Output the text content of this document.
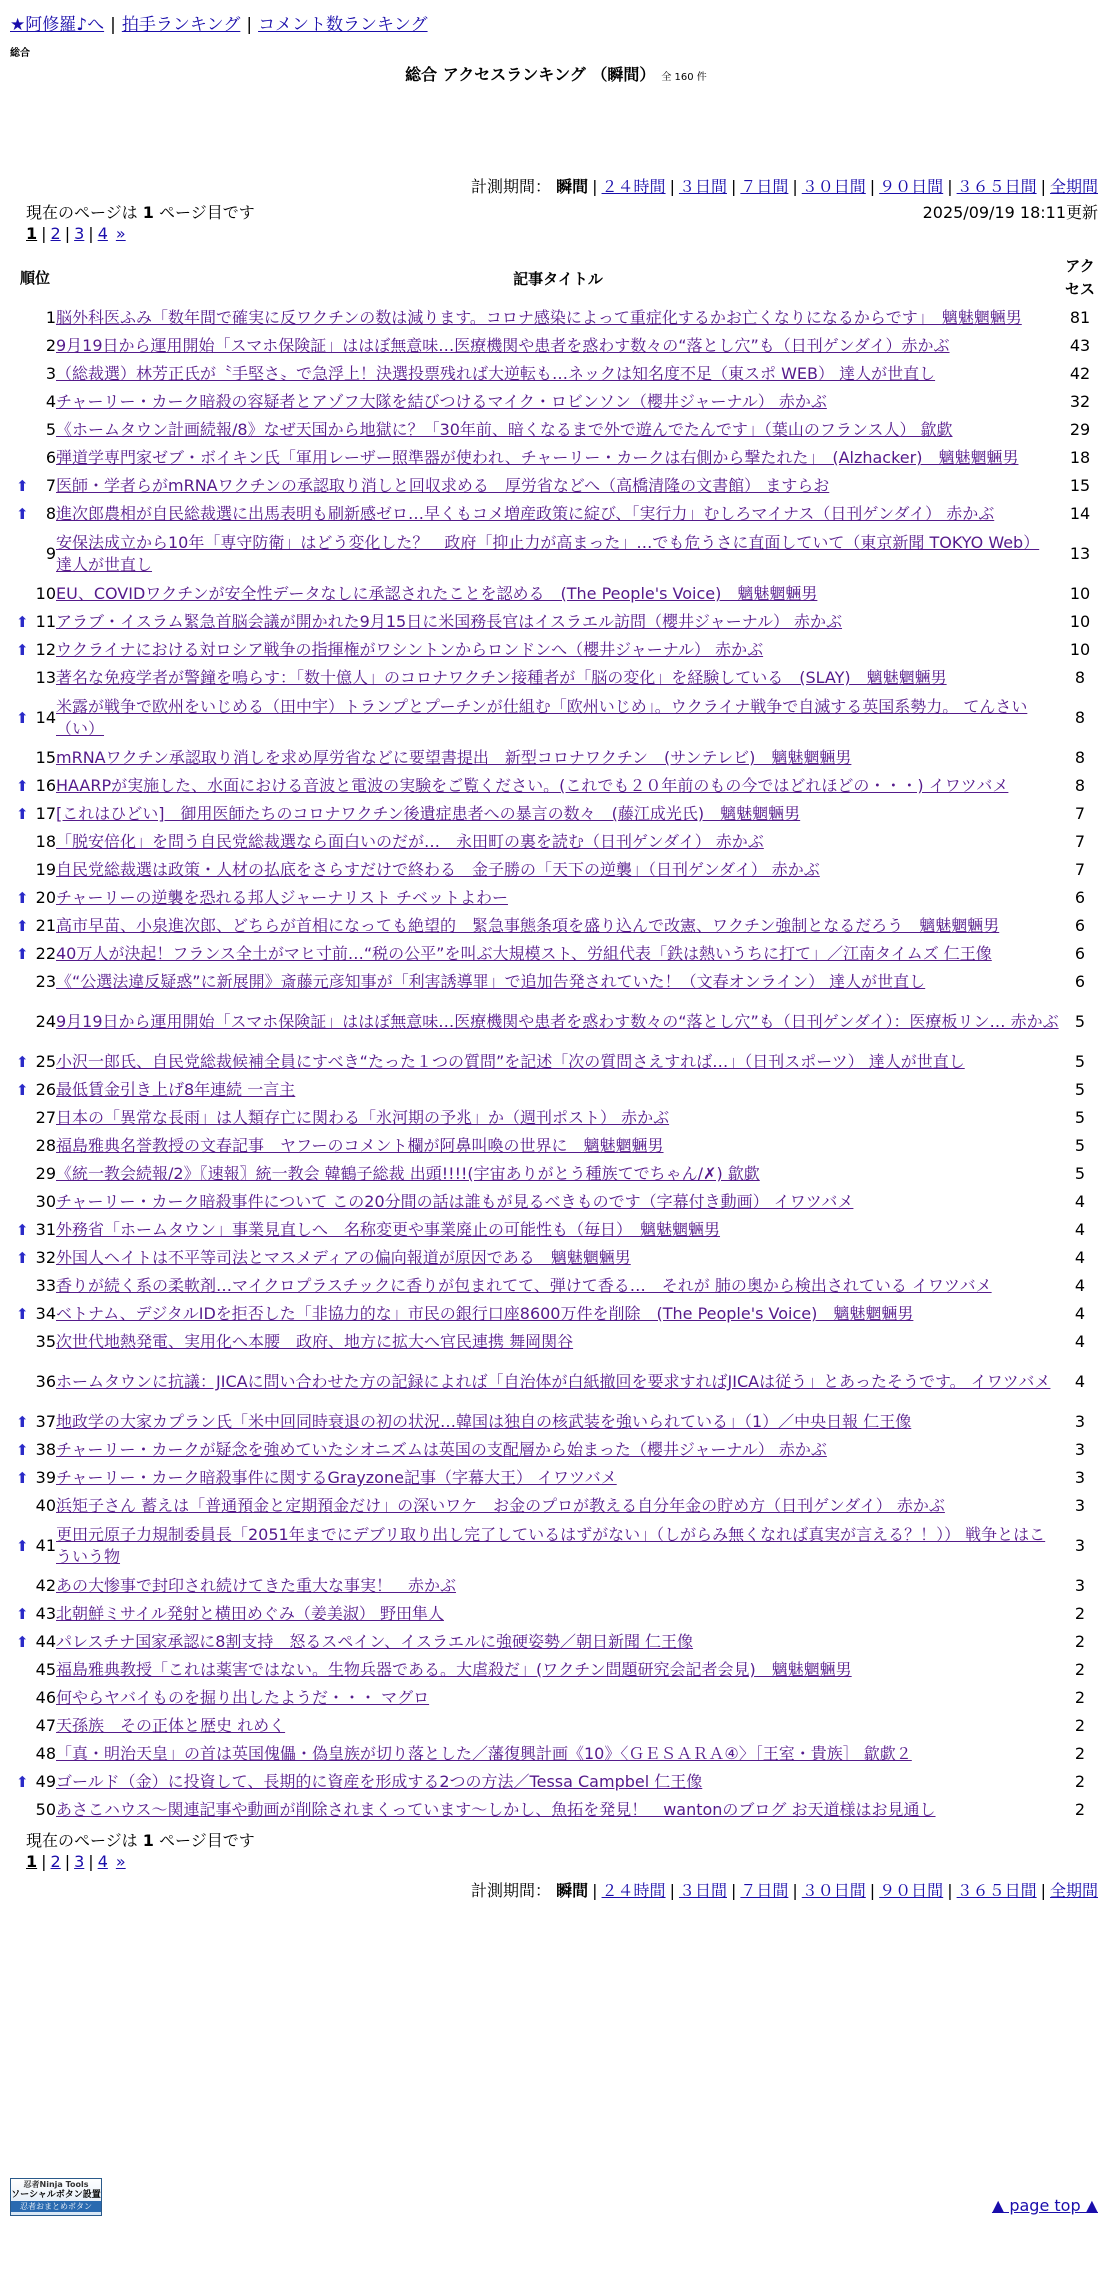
★阿修羅♪へ | 拍手ランキング | コメント数ランキング
総合
総合 アクセスランキング （瞬間） 全 160 件
計測期間： 瞬間 | ２４時間 | ３日間 | ７日間 | ３０日間 | ９０日間 | ３６５日間 | 全期間
現在のページは 1 ページ目です	2025/09/19 18:11更新
1 | 2 | 3 | 4 »
順位	記事タイトル	アクセス
1	脳外科医ふみ「数年間で確実に反ワクチンの数は減ります。コロナ感染によって重症化するかお亡くなりになるからです」　魑魅魍魎男	81
2	9月19日から運用開始「スマホ保険証」ははぼ無意味…医療機関や患者を惑わす数々の“落とし穴”も（日刊ゲンダイ）赤かぶ	43
3	（総裁選）林芳正氏が〝手堅さ〟で急浮上！決選投票残れば大逆転も…ネックは知名度不足（東スポ WEB） 達人が世直し	42
4	チャーリー・カーク暗殺の容疑者とアゾフ大隊を結びつけるマイク・ロビンソン（櫻井ジャーナル） 赤かぶ	32
5	《ホームタウン計画続報/8》なぜ天国から地獄に？「30年前、暗くなるまで外で遊んでたんです」（葉山のフランス人） 歙歔	29
6	弾道学専門家ゼブ・ボイキン氏「軍用レーザー照準器が使われ、チャーリー・カークは右側から撃たれた」　(Alzhacker)　魑魅魍魎男	18

⬆ 7	医師・学者らがmRNAワクチンの承認取り消しと回収求める　厚労省などへ（高橋清隆の文書館） ますらお	15

⬆ 8	進次郎農相が自民総裁選に出馬表明も刷新感ゼロ…早くもコメ増産政策に綻び、「実行力」むしろマイナス（日刊ゲンダイ） 赤かぶ	14
9	安保法成立から10年「専守防衛」はどう変化した？　政府「抑止力が高まった」…でも危うさに直面していて（東京新聞 TOKYO Web） 達人が世直し	13
10	EU、COVIDワクチンが安全性データなしに承認されたことを認める　(The People's Voice)　魑魅魍魎男	10

⬆ 11	アラブ・イスラム緊急首脳会議が開かれた9月15日に米国務長官はイスラエル訪問（櫻井ジャーナル） 赤かぶ	10

⬆ 12	ウクライナにおける対ロシア戦争の指揮権がワシントンからロンドンへ（櫻井ジャーナル） 赤かぶ	10
13	著名な免疫学者が警鐘を鳴らす：「数十億人」のコロナワクチン接種者が「脳の変化」を経験している　(SLAY)　魑魅魍魎男	8

⬆ 14	米露が戦争で欧州をいじめる（田中宇）トランプとプーチンが仕組む「欧州いじめ」。ウクライナ戦争で自滅する英国系勢力。 てんさい（い）	8
15	mRNAワクチン承認取り消しを求め厚労省などに要望書提出　新型コロナワクチン　(サンテレビ)　魑魅魍魎男	8

⬆ 16	HAARPが実施した、水面における音波と電波の実験をご覧ください。(これでも２０年前のもの今ではどれほどの・・・) イワツバメ	8

⬆ 17	[これはひどい]　御用医師たちのコロナワクチン後遺症患者への暴言の数々　(藤江成光氏)　魑魅魍魎男	7
18	「脱安倍化」を問う自民党総裁選なら面白いのだが…　永田町の裏を読む（日刊ゲンダイ） 赤かぶ	7
19	自民党総裁選は政策・人材の払底をさらすだけで終わる　金子勝の「天下の逆襲」（日刊ゲンダイ） 赤かぶ	7

⬆ 20	チャーリーの逆襲を恐れる邦人ジャーナリスト チベットよわー	6

⬆ 21	高市早苗、小泉進次郎、どちらが首相になっても絶望的　緊急事態条項を盛り込んで改憲、ワクチン強制となるだろう　魑魅魍魎男	6

⬆ 22	40万人が決起！フランス全土がマヒ寸前…“税の公平”を叫ぶ大規模スト、労組代表「鉄は熱いうちに打て」／江南タイムズ 仁王像	6
23	《“公選法違反疑惑”に新展開》斎藤元彦知事が「利害誘導罪」で追加告発されていた！（文春オンライン） 達人が世直し	6
24	9月19日から運用開始「スマホ保険証」ははぼ無意味…医療機関や患者を惑わす数々の“落とし穴”も（日刊ゲンダイ）：医療板リン… 赤かぶ	5

⬆ 25	小沢一郎氏、自民党総裁候補全員にすべき“たった１つの質問”を記述「次の質問さえすれば…」（日刊スポーツ） 達人が世直し	5

⬆ 26	最低賃金引き上げ8年連続 一言主	5
27	日本の「異常な長雨」は人類存亡に関わる「氷河期の予兆」か（週刊ポスト） 赤かぶ	5
28	福島雅典名誉教授の文春記事　ヤフーのコメント欄が阿鼻叫喚の世界に　魑魅魍魎男	5
29	《統一教会続報/2》〖速報〗統一教会 韓鶴子総裁 出頭!!!!(宇宙ありがとう種族てでちゃん/✗) 歙歔	5
30	チャーリー・カーク暗殺事件について この20分間の話は誰もが見るべきものです（字幕付き動画） イワツバメ	4

⬆ 31	外務省「ホームタウン」事業見直しへ　名称変更や事業廃止の可能性も（毎日）　魑魅魍魎男	4

⬆ 32	外国人ヘイトは不平等司法とマスメディアの偏向報道が原因である　魑魅魍魎男	4
33	香りが続く系の柔軟剤…マイクロプラスチックに香りが包まれてて、弾けて香る…　それが 肺の奥から検出されている イワツバメ	4

⬆ 34	ベトナム、デジタルIDを拒否した「非協力的な」市民の銀行口座8600万件を削除　(The People's Voice)　魑魅魍魎男	4
35	次世代地熱発電、実用化へ本腰　政府、地方に拡大へ官民連携 舞岡関谷	4
36	ホームタウンに抗議：JICAに問い合わせた方の記録によれば「自治体が白紙撤回を要求すればJICAは従う」とあったそうです。 イワツバメ	4

⬆ 37	地政学の大家カプラン氏「米中回同時衰退の初の状況…韓国は独自の核武装を強いられている」（1）／中央日報 仁王像	3

⬆ 38	チャーリー・カークが疑念を強めていたシオニズムは英国の支配層から始まった（櫻井ジャーナル） 赤かぶ	3

⬆ 39	チャーリー・カーク暗殺事件に関するGrayzone記事（字幕大王） イワツバメ	3
40	浜矩子さん 蓄えは「普通預金と定期預金だけ」の深いワケ　お金のプロが教える自分年金の貯め方（日刊ゲンダイ） 赤かぶ	3

⬆ 41	更田元原子力規制委員長「2051年までにデブリ取り出し完了しているはずがない」（しがらみ無くなれば真実が言える？！）） 戦争とはこういう物	3
42	あの大惨事で封印され続けてきた重大な事実！　赤かぶ	3

⬆ 43	北朝鮮ミサイル発射と横田めぐみ（姜美淑） 野田隼人	2

⬆ 44	パレスチナ国家承認に8割支持　怒るスペイン、イスラエルに強硬姿勢／朝日新聞 仁王像	2
45	福島雅典教授「これは薬害ではない。生物兵器である。大虐殺だ」(ワクチン問題研究会記者会見)　魑魅魍魎男	2
46	何やらヤバイものを掘り出したようだ・・・ マグロ	2
47	天孫族　その正体と歴史 れめく	2
48	「真・明治天皇」の首は英国傀儡・偽皇族が切り落とした／藩復興計画《10》〈ＧＥＳＡＲＡ④〉［王室・貴族］ 歙歔２	2

⬆ 49	ゴールド（金）に投資して、長期的に資産を形成する2つの方法／Tessa Campbel 仁王像	2
50	あさこハウス〜関連記事や動画が削除されまくっています〜しかし、魚拓を発見！　wantonのブログ お天道様はお見通し	2
現在のページは 1 ページ目です
1 | 2 | 3 | 4 »
計測期間： 瞬間 | ２４時間 | ３日間 | ７日間 | ３０日間 | ９０日間 | ３６５日間 | 全期間
忍者Ninja Tools
ソーシャルボタン設置
忍者おまとめボタン	▲ page top ▲
